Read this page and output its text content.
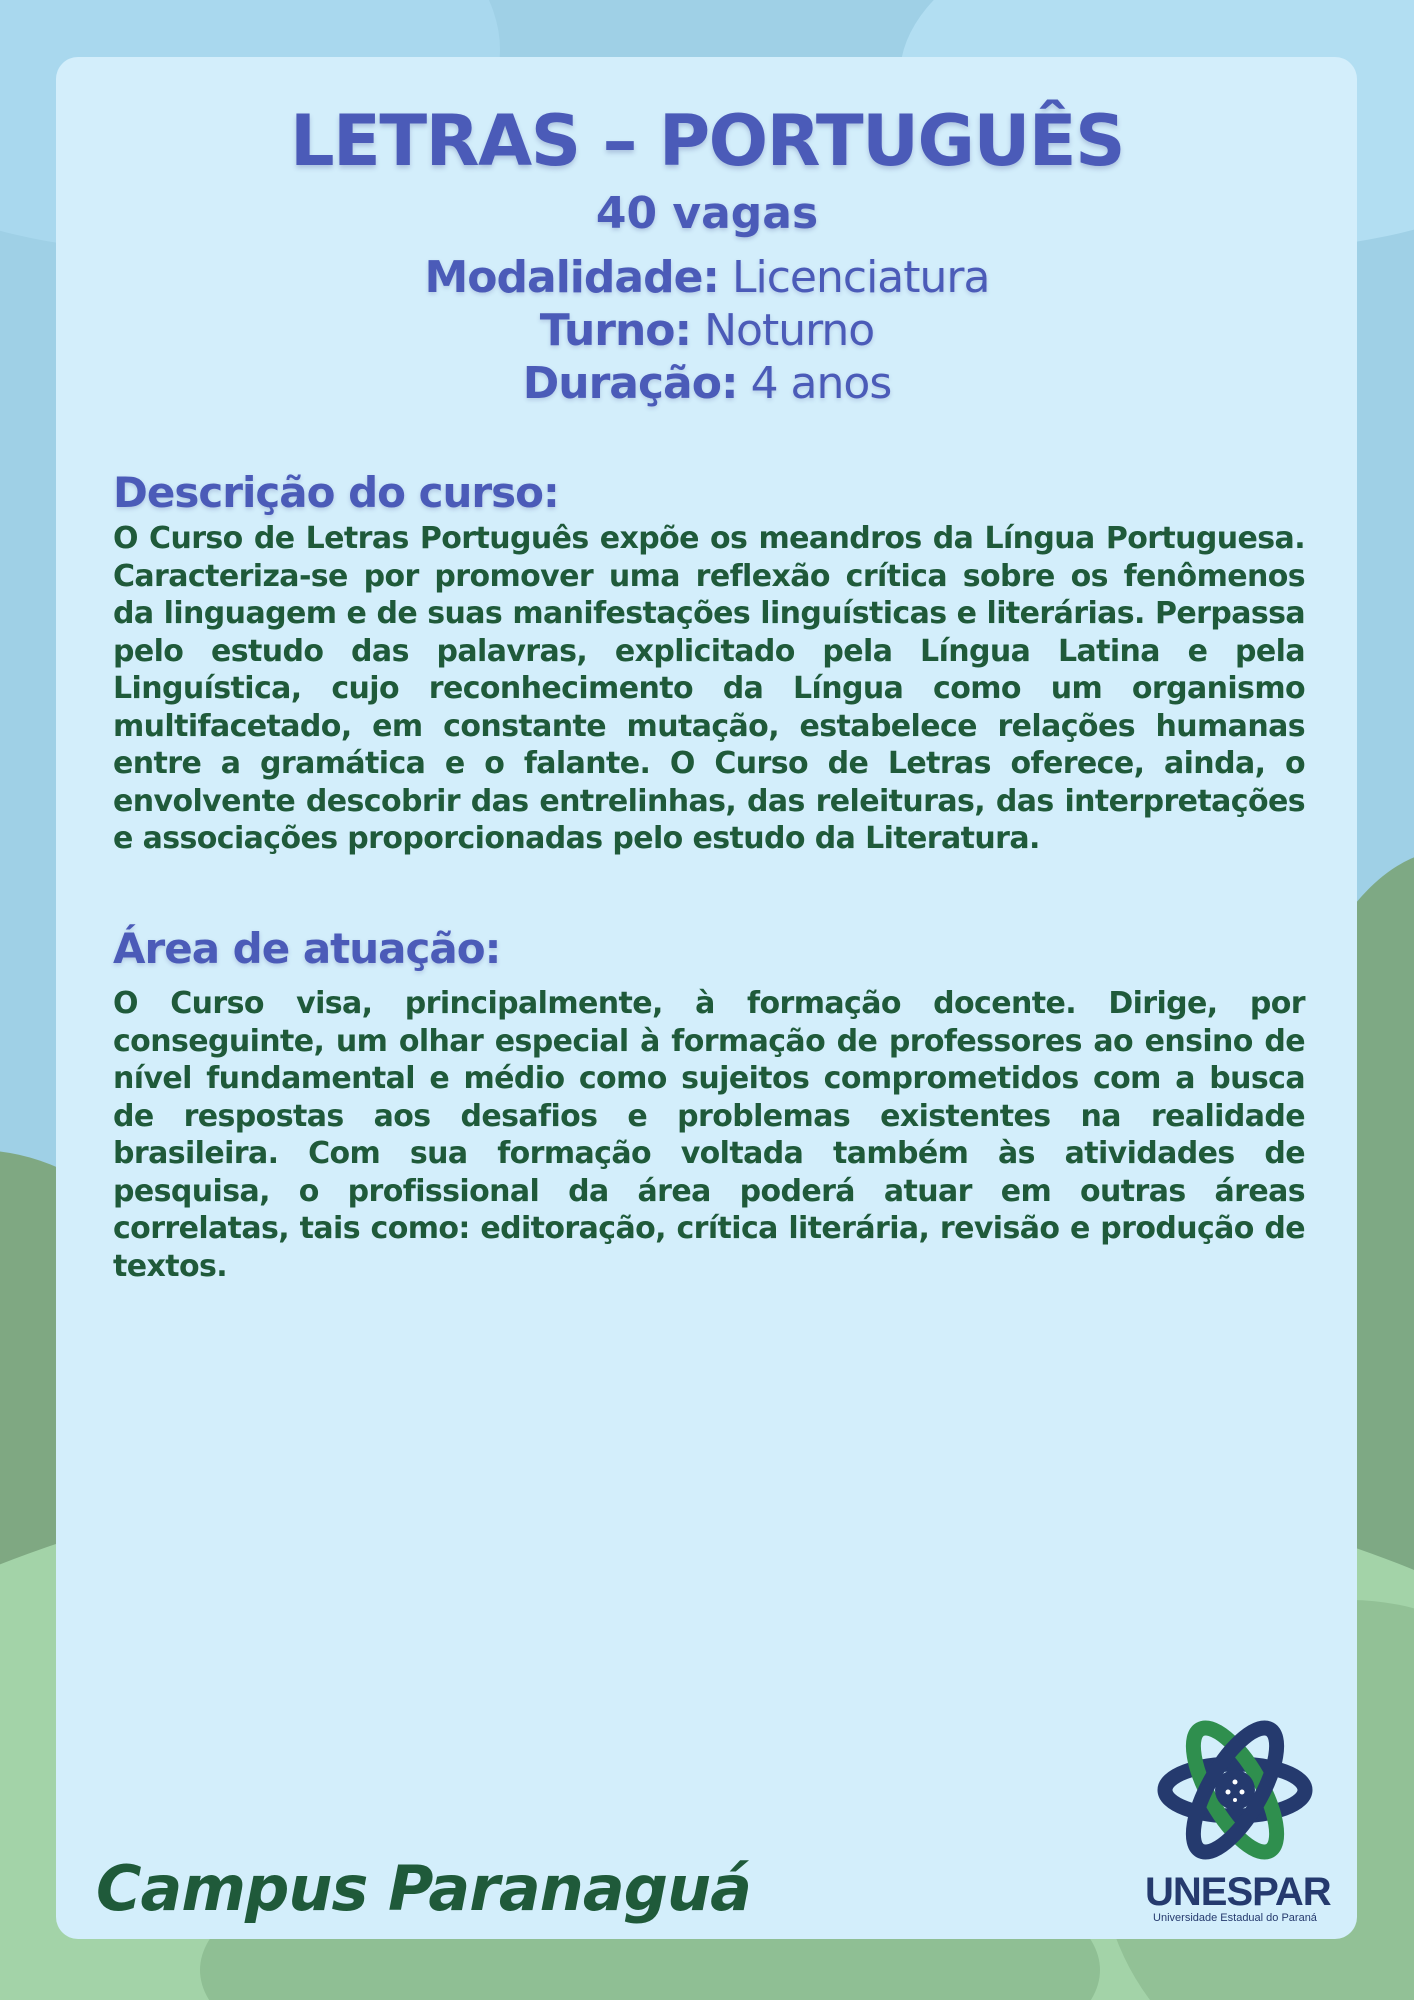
LETRAS – PORTUGUÊS
40 vagas
Modalidade: Licenciatura
Turno: Noturno
Duração: 4 anos
Descrição do curso:

O Curso de Letras Português expõe os meandros da Língua Portuguesa. Caracteriza-se por promover uma reflexão crítica sobre os fenômenos da linguagem e de suas manifestações linguísticas e literárias. Perpassa pelo estudo das palavras, explicitado pela Língua Latina e pela Linguística, cujo reconhecimento da Língua como um organismo multifacetado, em constante mutação, estabelece relações humanas entre a gramática e o falante. O Curso de Letras oferece, ainda, o envolvente descobrir das entrelinhas, das releituras, das interpretações e associações proporcionadas pelo estudo da Literatura.

Área de atuação:

O Curso visa, principalmente, à formação docente. Dirige, por conseguinte, um olhar especial à formação de professores ao ensino de nível fundamental e médio como sujeitos comprometidos com a busca de respostas aos desafios e problemas existentes na realidade brasileira. Com sua formação voltada também às atividades de pesquisa, o profissional da área poderá atuar em outras áreas correlatas, tais como: editoração, crítica literária, revisão e produção de textos.

Campus Paranaguá	UNESPAR
Universidade Estadual do Paraná
